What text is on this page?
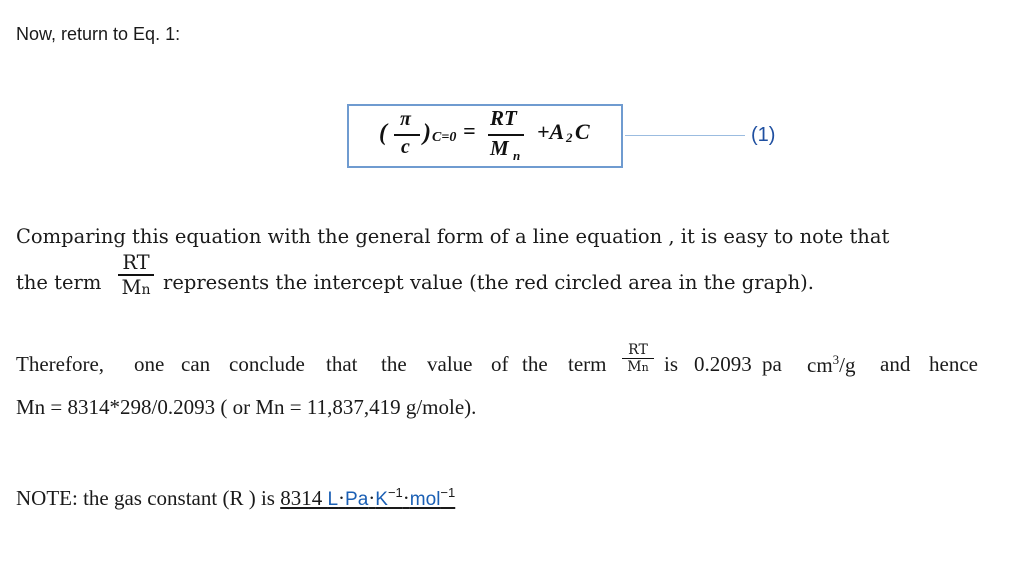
Now, return to Eq. 1:
(
π
c
) C=0 = RT
M n
+A 2 C	(1)
Comparing this equation with the general form of a line equation , it is easy to note that
the term
RT
Mn represents the intercept value (the red circled area in the graph).
Therefore, one can conclude that the value of the term
RT
Mn is 0.2093 pa $cm^3/g$ and hence
Mn = 8314*298/0.2093 ( or Mn = 11,837,419 g/mole).
NOTE: the gas constant (R ) is 8314 $L\cdot Pa\cdot K^{-1}\cdot mol^{-1}$
